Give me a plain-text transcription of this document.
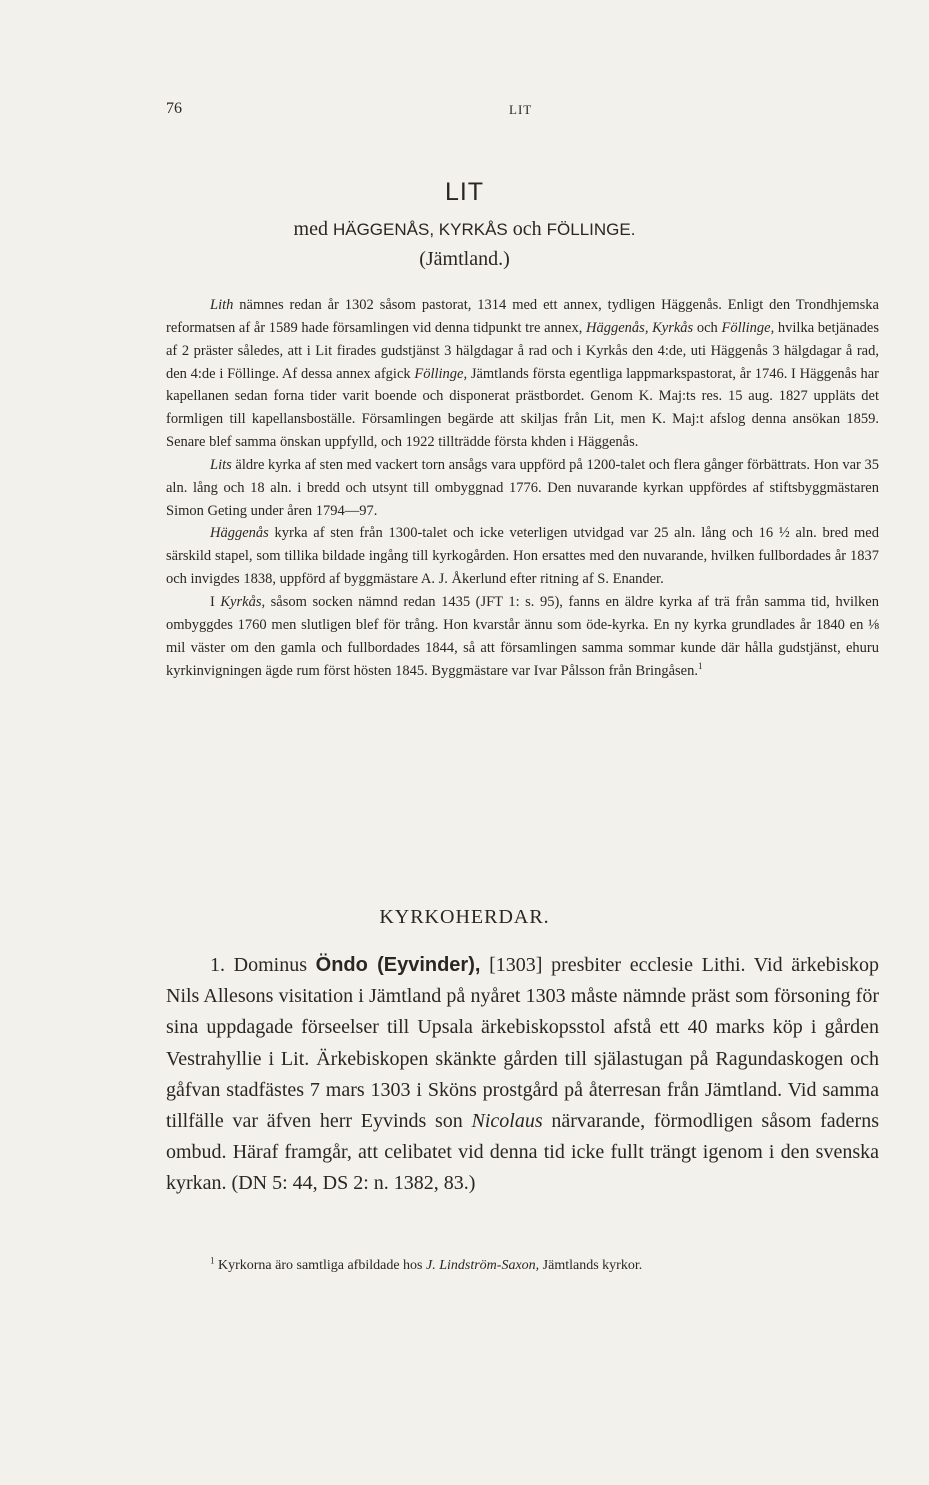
76	LIT
LIT
med HÄGGENÅS, KYRKÅS och FÖLLINGE.
(Jämtland.)

Lith nämnes redan år 1302 såsom pastorat, 1314 med ett annex, tydligen Häggenås. Enligt den Trondhjemska reformatsen af år 1589 hade församlingen vid denna tidpunkt tre annex, Häggenås, Kyrkås och Föllinge, hvilka betjänades af 2 präster således, att i Lit firades gudstjänst 3 hälgdagar å rad och i Kyrkås den 4:de, uti Häggenås 3 hälgdagar å rad, den 4:de i Föllinge. Af dessa annex afgick Föllinge, Jämtlands första egentliga lappmarkspastorat, år 1746. I Häggenås har kapellanen sedan forna tider varit boende och disponerat prästbordet. Genom K. Maj:ts res. 15 aug. 1827 uppläts det formligen till kapellansboställe. Församlingen begärde att skiljas från Lit, men K. Maj:t afslog denna ansökan 1859. Senare blef samma önskan uppfylld, och 1922 tillträdde första khden i Häggenås.

Lits äldre kyrka af sten med vackert torn ansågs vara uppförd på 1200-talet och flera gånger förbättrats. Hon var 35 aln. lång och 18 aln. i bredd och utsynt till ombyggnad 1776. Den nuvarande kyrkan uppfördes af stiftsbyggmästaren Simon Geting under åren 1794—97.

Häggenås kyrka af sten från 1300-talet och icke veterligen utvidgad var 25 aln. lång och 16 ½ aln. bred med särskild stapel, som tillika bildade ingång till kyrkogården. Hon ersattes med den nuvarande, hvilken fullbordades år 1837 och invigdes 1838, uppförd af byggmästare A. J. Åkerlund efter ritning af S. Enander.

I Kyrkås, såsom socken nämnd redan 1435 (JFT 1: s. 95), fanns en äldre kyrka af trä från samma tid, hvilken ombyggdes 1760 men slutligen blef för trång. Hon kvarstår ännu som öde-kyrka. En ny kyrka grundlades år 1840 en ⅛ mil väster om den gamla och fullbordades 1844, så att församlingen samma sommar kunde där hålla gudstjänst, ehuru kyrkinvigningen ägde rum först hösten 1845. Byggmästare var Ivar Pålsson från Bringåsen.$^1$

KYRKOHERDAR.

1. Dominus Öndo (Eyvinder), [1303] presbiter ecclesie Lithi. Vid ärkebiskop Nils Allesons visitation i Jämtland på nyåret 1303 måste nämnde präst som försoning för sina uppdagade förseelser till Upsala ärkebiskopsstol afstå ett 40 marks köp i gården Vestrahyllie i Lit. Ärkebiskopen skänkte gården till själastugan på Ragundaskogen och gåfvan stadfästes 7 mars 1303 i Sköns prostgård på återresan från Jämtland. Vid samma tillfälle var äfven herr Eyvinds son Nicolaus närvarande, förmodligen såsom faderns ombud. Häraf framgår, att celibatet vid denna tid icke fullt trängt igenom i den svenska kyrkan. (DN 5: 44, DS 2: n. 1382, 83.)

$^1$ Kyrkorna äro samtliga afbildade hos J. Lindström-Saxon, Jämtlands kyrkor.
